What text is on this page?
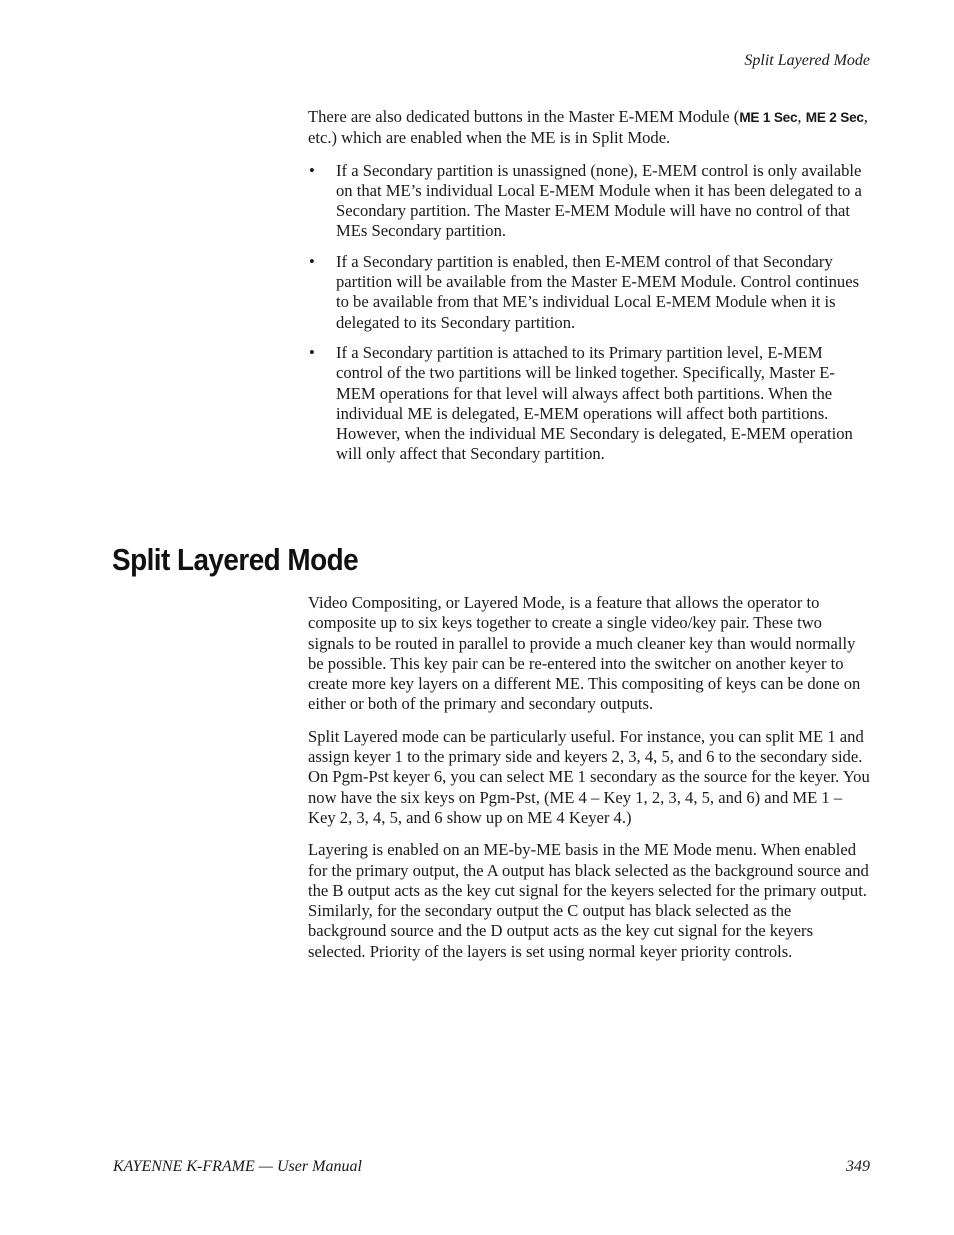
Split Layered Mode

There are also dedicated buttons in the Master E-MEM Module (ME 1 Sec, ME 2 Sec, etc.) which are enabled when the ME is in Split Mode.

• If a Secondary partition is unassigned (none), E-MEM control is only available on that ME’s individual Local E-MEM Module when it has been delegated to a Secondary partition. The Master E-MEM Module will have no control of that MEs Secondary partition.
• If a Secondary partition is enabled, then E-MEM control of that Secondary partition will be available from the Master E-MEM Module. Control continues to be available from that ME’s individual Local E-MEM Module when it is delegated to its Secondary partition.
• If a Secondary partition is attached to its Primary partition level, E-MEM control of the two partitions will be linked together. Specifically, Master E-MEM operations for that level will always affect both partitions. When the individual ME is delegated, E-MEM operations will affect both partitions. However, when the individual ME Secondary is delegated, E-MEM operation will only affect that Secondary partition.
Split Layered Mode

Video Compositing, or Layered Mode, is a feature that allows the operator to composite up to six keys together to create a single video/key pair. These two signals to be routed in parallel to provide a much cleaner key than would normally be possible. This key pair can be re-entered into the switcher on another keyer to create more key layers on a different ME. This compositing of keys can be done on either or both of the primary and secondary outputs.

Split Layered mode can be particularly useful. For instance, you can split ME 1 and assign keyer 1 to the primary side and keyers 2, 3, 4, 5, and 6 to the secondary side. On Pgm-Pst keyer 6, you can select ME 1 secondary as the source for the keyer. You now have the six keys on Pgm-Pst, (ME 4 – Key 1, 2, 3, 4, 5, and 6) and ME 1 – Key 2, 3, 4, 5, and 6 show up on ME 4 Keyer 4.)

Layering is enabled on an ME-by-ME basis in the ME Mode menu. When enabled for the primary output, the A output has black selected as the background source and the B output acts as the key cut signal for the keyers selected for the primary output. Similarly, for the secondary output the C output has black selected as the background source and the D output acts as the key cut signal for the keyers selected. Priority of the layers is set using normal keyer priority controls.

KAYENNE K-FRAME — User Manual	349
